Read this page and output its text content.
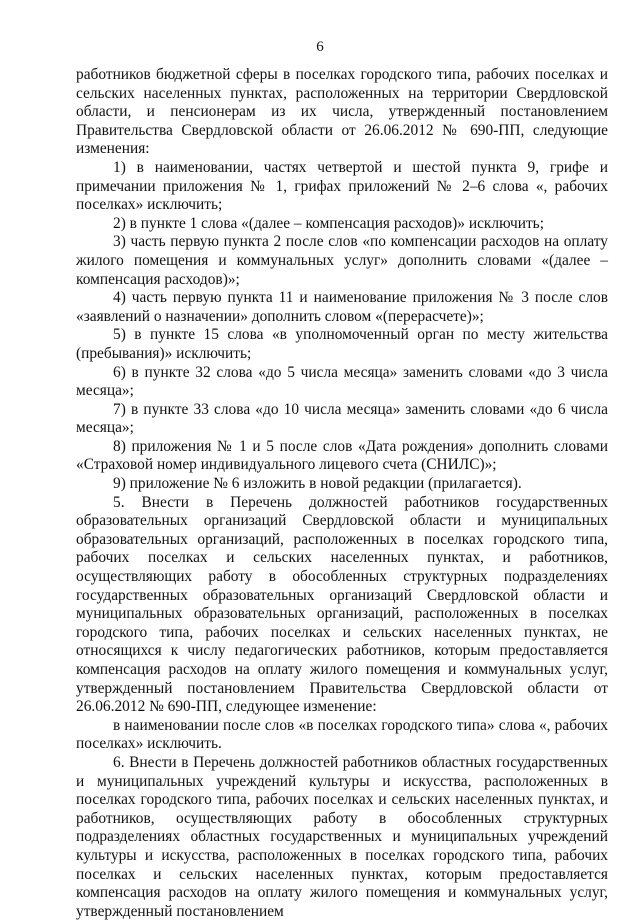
6

работников бюджетной сферы в поселках городского типа, рабочих поселках и сельских населенных пунктах, расположенных на территории Свердловской области, и пенсионерам из их числа, утвержденный постановлением Правительства Свердловской области от 26.06.2012 № 690-ПП, следующие изменения:

1) в наименовании, частях четвертой и шестой пункта 9, грифе и примечании приложения № 1, грифах приложений № 2–6 слова «, рабочих поселках» исключить;

2) в пункте 1 слова «(далее – компенсация расходов)» исключить;

3) часть первую пункта 2 после слов «по компенсации расходов на оплату жилого помещения и коммунальных услуг» дополнить словами «(далее – компенсация расходов)»;

4) часть первую пункта 11 и наименование приложения № 3 после слов «заявлений о назначении» дополнить словом «(перерасчете)»;

5) в пункте 15 слова «в уполномоченный орган по месту жительства (пребывания)» исключить;

6) в пункте 32 слова «до 5 числа месяца» заменить словами «до 3 числа месяца»;

7) в пункте 33 слова «до 10 числа месяца» заменить словами «до 6 числа месяца»;

8) приложения № 1 и 5 после слов «Дата рождения» дополнить словами «Страховой номер индивидуального лицевого счета (СНИЛС)»;

9) приложение № 6 изложить в новой редакции (прилагается).

5. Внести в Перечень должностей работников государственных образовательных организаций Свердловской области и муниципальных образовательных организаций, расположенных в поселках городского типа, рабочих поселках и сельских населенных пунктах, и работников, осуществляющих работу в обособленных структурных подразделениях государственных образовательных организаций Свердловской области и муниципальных образовательных организаций, расположенных в поселках городского типа, рабочих поселках и сельских населенных пунктах, не относящихся к числу педагогических работников, которым предоставляется компенсация расходов на оплату жилого помещения и коммунальных услуг, утвержденный постановлением Правительства Свердловской области от 26.06.2012 № 690-ПП, следующее изменение:

в наименовании после слов «в поселках городского типа» слова «, рабочих поселках» исключить.

6. Внести в Перечень должностей работников областных государственных и муниципальных учреждений культуры и искусства, расположенных в поселках городского типа, рабочих поселках и сельских населенных пунктах, и работников, осуществляющих работу в обособленных структурных подразделениях областных государственных и муниципальных учреждений культуры и искусства, расположенных в поселках городского типа, рабочих поселках и сельских населенных пунктах, которым предоставляется компенсация расходов на оплату жилого помещения и коммунальных услуг, утвержденный постановлением
